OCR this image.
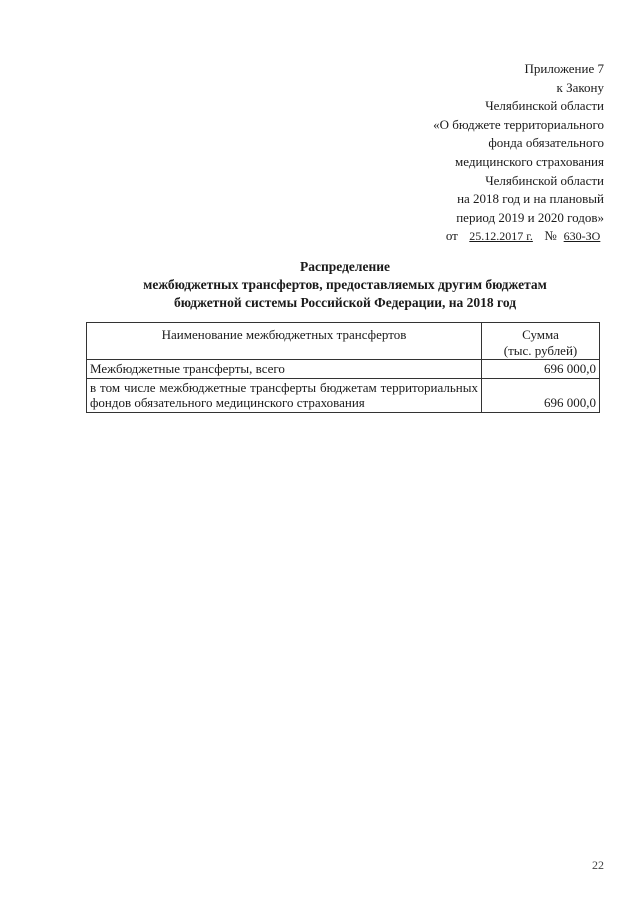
Приложение 7
к Закону
Челябинской области
«О бюджете территориального
фонда обязательного
медицинского страхования
Челябинской области
на 2018 год и на плановый
период 2019 и 2020 годов»
от 25.12.2017 г. № 630-ЗО
Распределение
межбюджетных трансфертов, предоставляемых другим бюджетам
бюджетной системы Российской Федерации, на 2018 год
Наименование межбюджетных трансфертов	Сумма
(тыс. рублей)
Межбюджетные трансферты, всего	696 000,0
в том числе межбюджетные трансферты бюджетам территориальных фондов обязательного медицинского страхования	696 000,0
22
